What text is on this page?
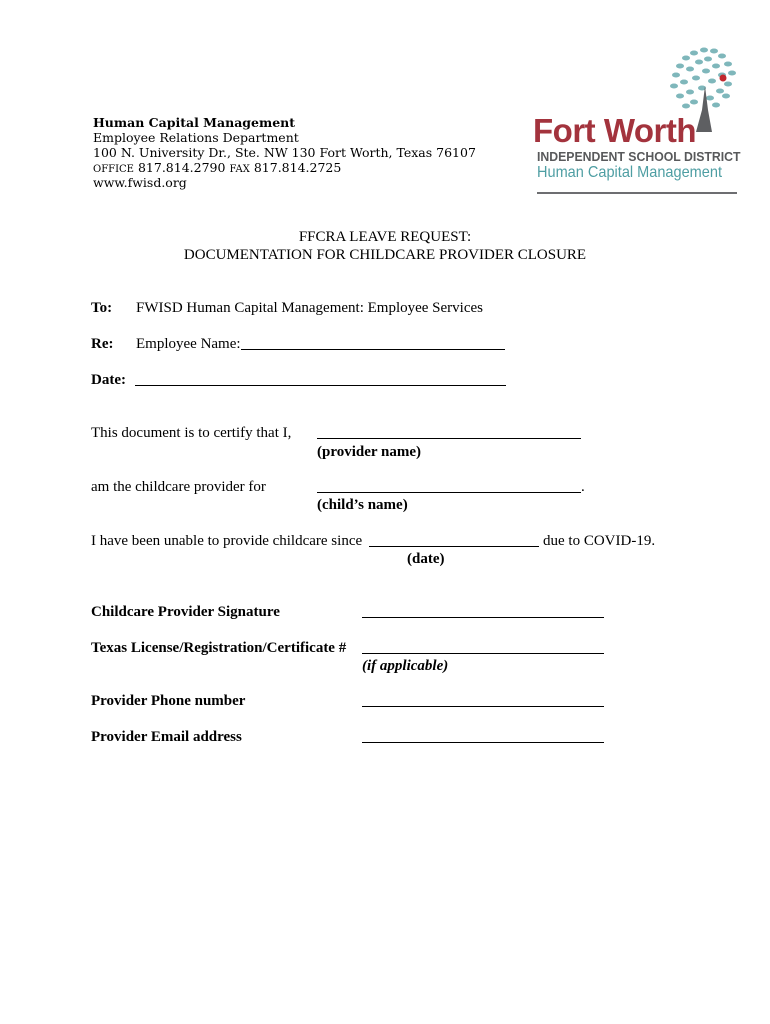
Human Capital Management
Employee Relations Department
100 N. University Dr., Ste. NW 130 Fort Worth, Texas 76107
OFFICE 817.814.2790 FAX 817.814.2725
www.fwisd.org
Fort Worth
INDEPENDENT SCHOOL DISTRICT
Human Capital Management
FFCRA LEAVE REQUEST:
DOCUMENTATION FOR CHILDCARE PROVIDER CLOSURE
To: FWISD Human Capital Management: Employee Services
Re: Employee Name:
Date:
This document is to certify that I,
(provider name)
am the childcare provider for	.
(child’s name)
I have been unable to provide childcare since	due to COVID-19.
(date)
Childcare Provider Signature
Texas License/Registration/Certificate #
(if applicable)
Provider Phone number
Provider Email address
